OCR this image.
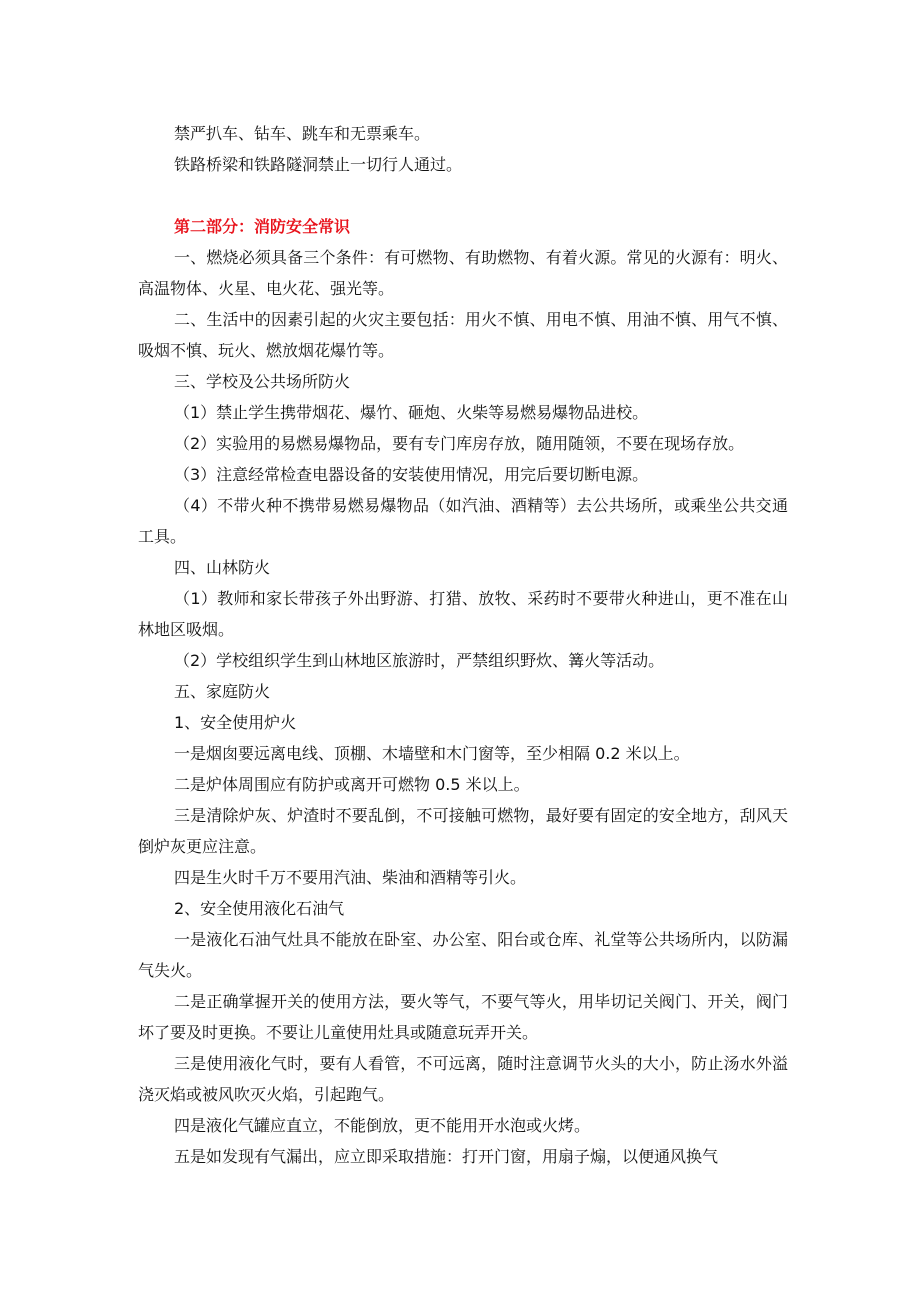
禁严扒车、钻车、跳车和无票乘车。

铁路桥梁和铁路隧洞禁止一切行人通过。

第二部分：消防安全常识

一、燃烧必须具备三个条件：有可燃物、有助燃物、有着火源。常见的火源有：明火、高温物体、火星、电火花、强光等。

二、生活中的因素引起的火灾主要包括：用火不慎、用电不慎、用油不慎、用气不慎、吸烟不慎、玩火、燃放烟花爆竹等。

三、学校及公共场所防火

（1）禁止学生携带烟花、爆竹、砸炮、火柴等易燃易爆物品进校。

（2）实验用的易燃易爆物品，要有专门库房存放，随用随领，不要在现场存放。

（3）注意经常检查电器设备的安装使用情况，用完后要切断电源。

（4）不带火种不携带易燃易爆物品（如汽油、酒精等）去公共场所，或乘坐公共交通工具。

四、山林防火

（1）教师和家长带孩子外出野游、打猎、放牧、采药时不要带火种进山，更不准在山林地区吸烟。

（2）学校组织学生到山林地区旅游时，严禁组织野炊、篝火等活动。

五、家庭防火

1、安全使用炉火

一是烟囱要远离电线、顶棚、木墙壁和木门窗等，至少相隔 0.2 米以上。

二是炉体周围应有防护或离开可燃物 0.5 米以上。

三是清除炉灰、炉渣时不要乱倒，不可接触可燃物，最好要有固定的安全地方，刮风天倒炉灰更应注意。

四是生火时千万不要用汽油、柴油和酒精等引火。

2、安全使用液化石油气

一是液化石油气灶具不能放在卧室、办公室、阳台或仓库、礼堂等公共场所内，以防漏气失火。

二是正确掌握开关的使用方法，要火等气，不要气等火，用毕切记关阀门、开关，阀门坏了要及时更换。不要让儿童使用灶具或随意玩弄开关。

三是使用液化气时，要有人看管，不可远离，随时注意调节火头的大小，防止汤水外溢浇灭焰或被风吹灭火焰，引起跑气。

四是液化气罐应直立，不能倒放，更不能用开水泡或火烤。

五是如发现有气漏出，应立即采取措施：打开门窗，用扇子煽，以便通风换气
